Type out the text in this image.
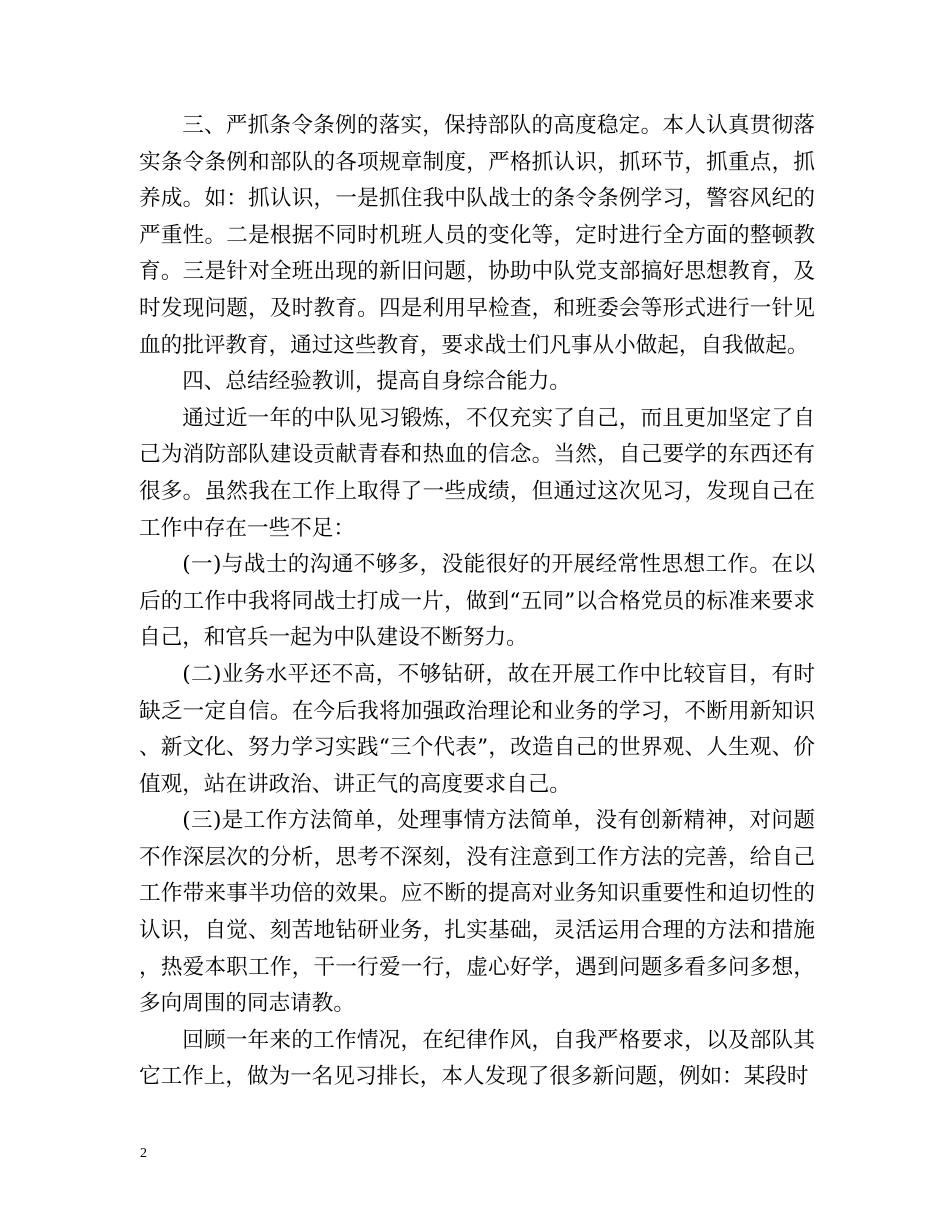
三、严抓条令条例的落实，保持部队的高度稳定。本人认真贯彻落实条令条例和部队的各项规章制度，严格抓认识，抓环节，抓重点，抓养成。如：抓认识，一是抓住我中队战士的条令条例学习，警容风纪的严重性。二是根据不同时机班人员的变化等，定时进行全方面的整顿教育。三是针对全班出现的新旧问题，协助中队党支部搞好思想教育，及时发现问题，及时教育。四是利用早检查，和班委会等形式进行一针见血的批评教育，通过这些教育，要求战士们凡事从小做起，自我做起。

四、总结经验教训，提高自身综合能力。

通过近一年的中队见习锻炼，不仅充实了自己，而且更加坚定了自己为消防部队建设贡献青春和热血的信念。当然，自己要学的东西还有很多。虽然我在工作上取得了一些成绩，但通过这次见习，发现自己在工作中存在一些不足：

(一)与战士的沟通不够多，没能很好的开展经常性思想工作。在以后的工作中我将同战士打成一片，做到“五同”以合格党员的标准来要求自己，和官兵一起为中队建设不断努力。

(二)业务水平还不高，不够钻研，故在开展工作中比较盲目，有时缺乏一定自信。在今后我将加强政治理论和业务的学习，不断用新知识、新文化、努力学习实践“三个代表”，改造自己的世界观、人生观、价值观，站在讲政治、讲正气的高度要求自己。

(三)是工作方法简单，处理事情方法简单，没有创新精神，对问题不作深层次的分析，思考不深刻，没有注意到工作方法的完善，给自己工作带来事半功倍的效果。应不断的提高对业务知识重要性和迫切性的认识，自觉、刻苦地钻研业务，扎实基础，灵活运用合理的方法和措施，热爱本职工作，干一行爱一行，虚心好学，遇到问题多看多问多想，多向周围的同志请教。

回顾一年来的工作情况，在纪律作风，自我严格要求，以及部队其它工作上，做为一名见习排长，本人发现了很多新问题，例如：某段时

2
